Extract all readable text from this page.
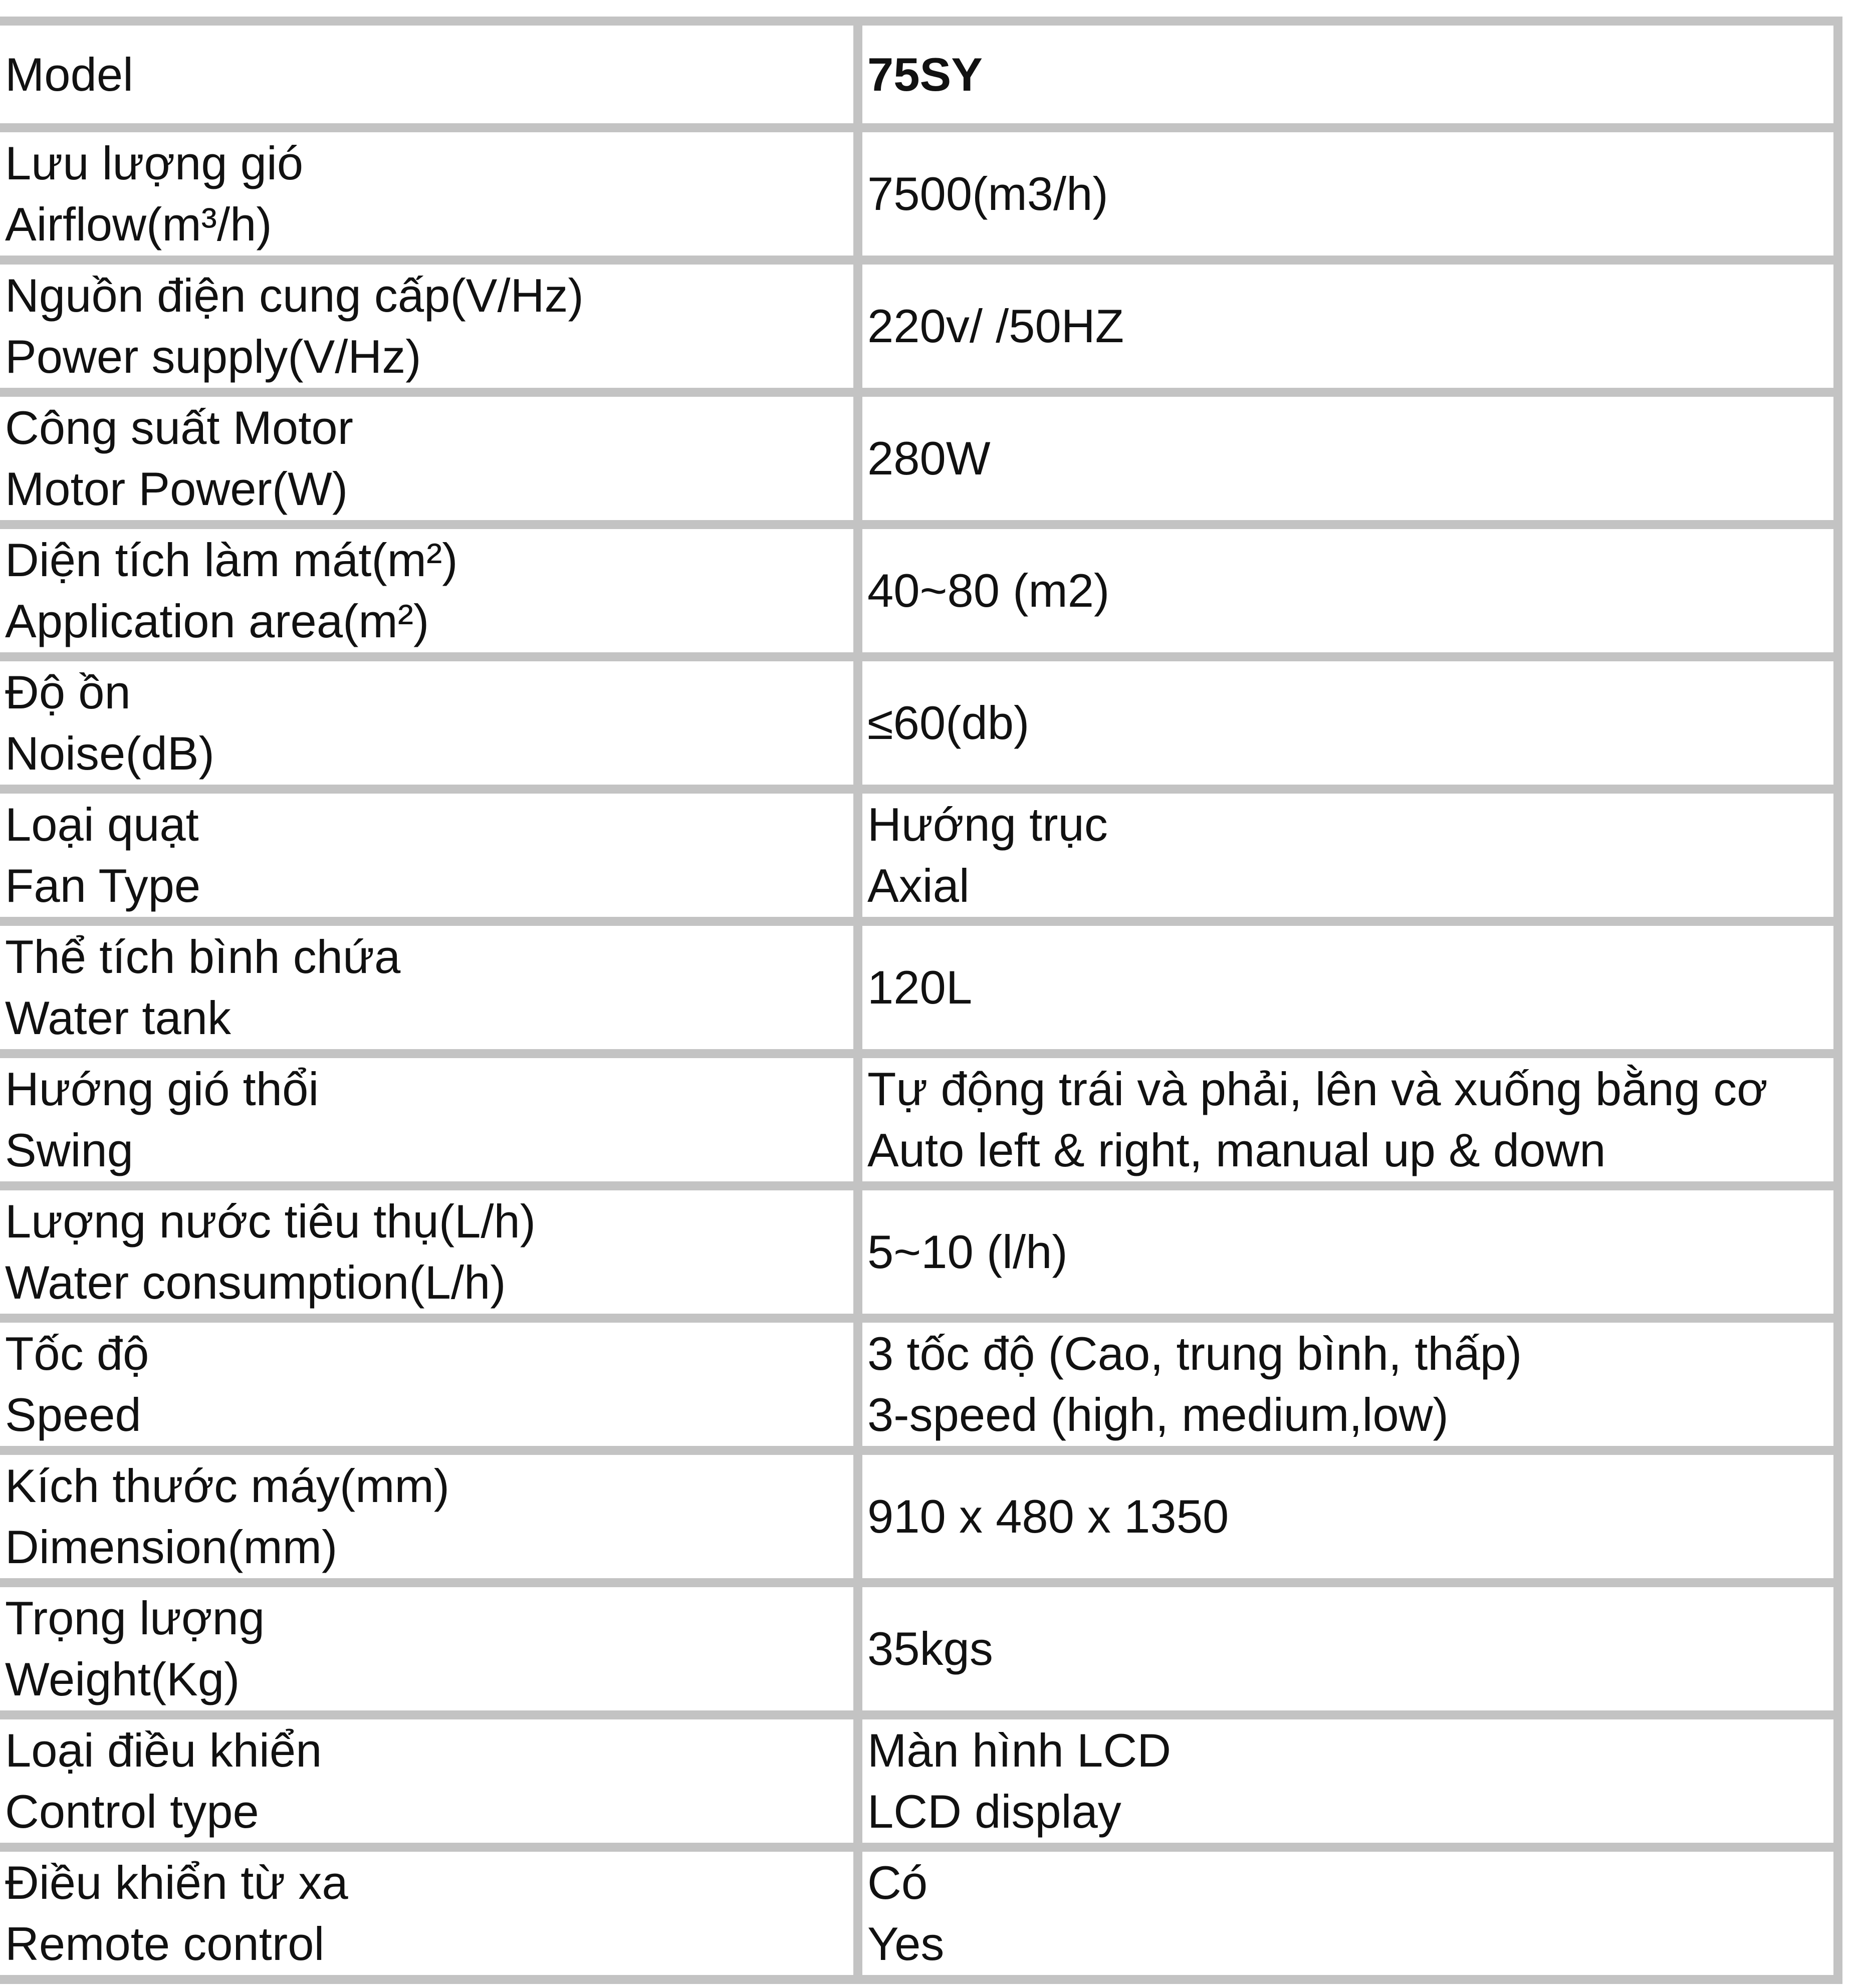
Model	75SY

Lưu lượng gió
Airflow(m³/h)	7500(m3/h)

Nguồn điện cung cấp(V/Hz)
Power supply(V/Hz)	220v/ /50HZ

Công suất Motor
Motor Power(W)	280W

Diện tích làm mát(m²)
Application area(m²)	40~80 (m2)

Độ ồn
Noise(dB)	≤60(db)

Loại quạt
Fan Type	Hướng trục
Axial

Thể tích bình chứa
Water tank	120L

Hướng gió thổi
Swing	Tự động trái và phải, lên và xuống bằng cơ
Auto left & right, manual up & down

Lượng nước tiêu thụ(L/h)
Water consumption(L/h)	5~10 (l/h)

Tốc độ
Speed	3 tốc độ (Cao, trung bình, thấp)
3-speed (high, medium,low)

Kích thước máy(mm)
Dimension(mm)	910 x 480 x 1350

Trọng lượng
Weight(Kg)	35kgs

Loại điều khiển
Control type	Màn hình LCD
LCD display

Điều khiển từ xa
Remote control	Có
Yes
